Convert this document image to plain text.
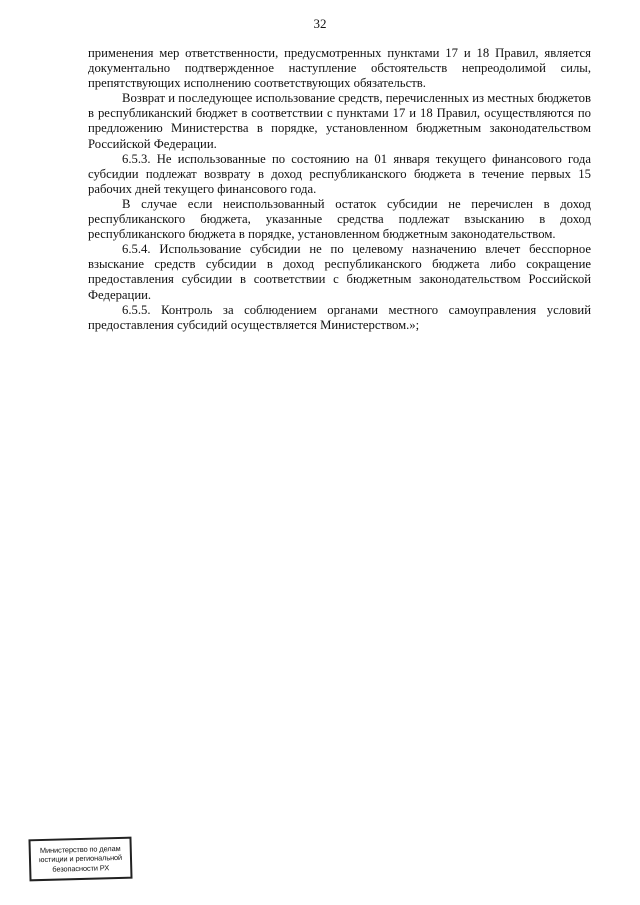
32

применения мер ответственности, предусмотренных пунктами 17 и 18 Правил, является документально подтвержденное наступление обстоятельств непреодолимой силы, препятствующих исполнению соответствующих обязательств.

Возврат и последующее использование средств, перечисленных из местных бюджетов в республиканский бюджет в соответствии с пунктами 17 и 18 Правил, осуществляются по предложению Министерства в порядке, установленном бюджетным законодательством Российской Федерации.

6.5.3. Не использованные по состоянию на 01 января текущего финансового года субсидии подлежат возврату в доход республиканского бюджета в течение первых 15 рабочих дней текущего финансового года.

В случае если неиспользованный остаток субсидии не перечислен в доход республиканского бюджета, указанные средства подлежат взысканию в доход республиканского бюджета в порядке, установленном бюджетным законодательством.

6.5.4. Использование субсидии не по целевому назначению влечет бесспорное взыскание средств субсидии в доход республиканского бюджета либо сокращение предоставления субсидии в соответствии с бюджетным законодательством Российской Федерации.

6.5.5. Контроль за соблюдением органами местного самоуправления условий предоставления субсидий осуществляется Министерством.»;

Министерство по делам
юстиции и региональной
безопасности РХ
